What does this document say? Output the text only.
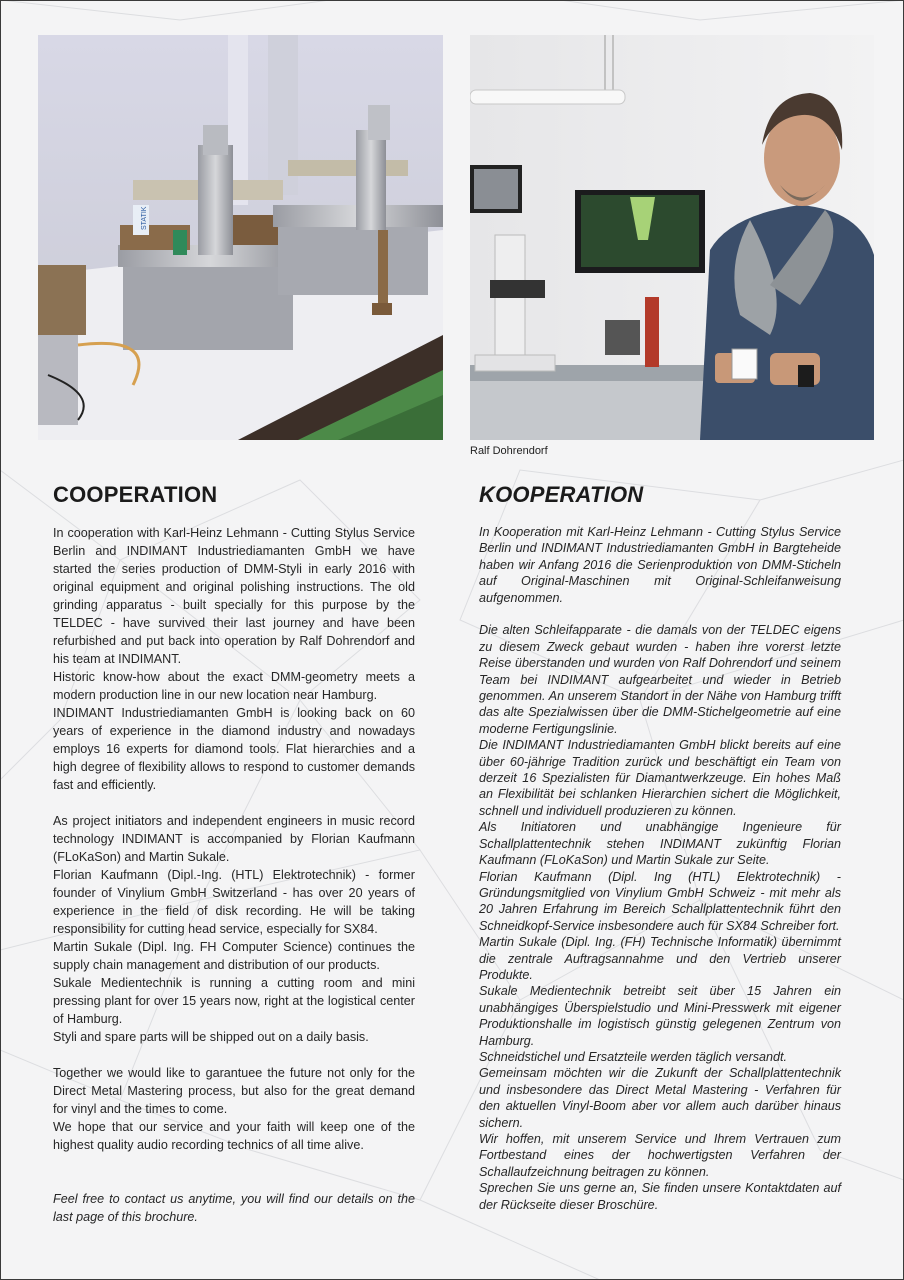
STATIK
Ralf Dohrendorf
COOPERATION	KOOPERATION

In cooperation with Karl-Heinz Lehmann - Cutting Stylus Service Berlin and INDIMANT Industriediamanten GmbH we have started the series production of DMM-Styli in early 2016 with original equipment and original polishing instructions. The old grinding apparatus - built specially for this purpose by the TELDEC - have survived their last journey and have been refurbished and put back into operation by Ralf Dohrendorf and his team at INDIMANT.

Historic know-how about the exact DMM-geometry meets a modern production line in our new location near Hamburg.

INDIMANT Industriediamanten GmbH is looking back on 60 years of experience in the diamond industry and nowadays employs 16 experts for diamond tools. Flat hierarchies and a high degree of flexibility allows to respond to customer demands fast and efficiently.

As project initiators and independent engineers in music record technology INDIMANT is accompanied by Florian Kaufmann (FLoKaSon) and Martin Sukale.

Florian Kaufmann (Dipl.-Ing. (HTL) Elektrotechnik) - former founder of Vinylium GmbH Switzerland - has over 20 years of experience in the field of disk recording. He will be taking responsibility for cutting head service, especially for SX84.

Martin Sukale (Dipl. Ing. FH Computer Science) continues the supply chain management and distribution of our products.

Sukale Medientechnik is running a cutting room and mini pressing plant for over 15 years now, right at the logistical center of Hamburg.

Styli and spare parts will be shipped out on a daily basis.

Together we would like to garantuee the future not only for the Direct Metal Mastering process, but also for the great demand for vinyl and the times to come.

We hope that our service and your faith will keep one of the highest quality audio recording technics of all time alive.

Feel free to contact us anytime, you will find our details on the last page of this brochure.

In Kooperation mit Karl-Heinz Lehmann - Cutting Stylus Service Berlin und INDIMANT Industriediamanten GmbH in Bargteheide haben wir Anfang 2016 die Serienproduktion von DMM-Sticheln auf Original-Maschinen mit Original-Schleifanweisung aufgenommen.

Die alten Schleifapparate - die damals von der TELDEC eigens zu diesem Zweck gebaut wurden - haben ihre vorerst letzte Reise überstanden und wurden von Ralf Dohrendorf und seinem Team bei INDIMANT aufgearbeitet und wieder in Betrieb genommen. An unserem Standort in der Nähe von Hamburg trifft das alte Spezialwissen über die DMM-Stichelgeometrie auf eine moderne Fertigungslinie.

Die INDIMANT Industriediamanten GmbH blickt bereits auf eine über 60-jährige Tradition zurück und beschäftigt ein Team von derzeit 16 Spezialisten für Diamantwerkzeuge. Ein hohes Maß an Flexibilität bei schlanken Hierarchien sichert die Möglichkeit, schnell und individuell produzieren zu können.

Als Initiatoren und unabhängige Ingenieure für Schallplattentechnik stehen INDIMANT zukünftig Florian Kaufmann (FLoKaSon) und Martin Sukale zur Seite.

Florian Kaufmann (Dipl. Ing (HTL) Elektrotechnik) - Gründungsmitglied von Vinylium GmbH Schweiz - mit mehr als 20 Jahren Erfahrung im Bereich Schallplattentechnik führt den Schneidkopf-Service insbesondere auch für SX84 Schreiber fort.

Martin Sukale (Dipl. Ing. (FH) Technische Informatik) übernimmt die zentrale Auftragsannahme und den Vertrieb unserer Produkte.

Sukale Medientechnik betreibt seit über 15 Jahren ein unabhängiges Überspielstudio und Mini-Presswerk mit eigener Produktionshalle im logistisch günstig gelegenen Zentrum von Hamburg.

Schneidstichel und Ersatzteile werden täglich versandt.

Gemeinsam möchten wir die Zukunft der Schallplattentechnik und insbesondere das Direct Metal Mastering - Verfahren für den aktuellen Vinyl-Boom aber vor allem auch darüber hinaus sichern.

Wir hoffen, mit unserem Service und Ihrem Vertrauen zum Fortbestand eines der hochwertigsten Verfahren der Schallaufzeichnung beitragen zu können.

Sprechen Sie uns gerne an, Sie finden unsere Kontaktdaten auf der Rückseite dieser Broschüre.
